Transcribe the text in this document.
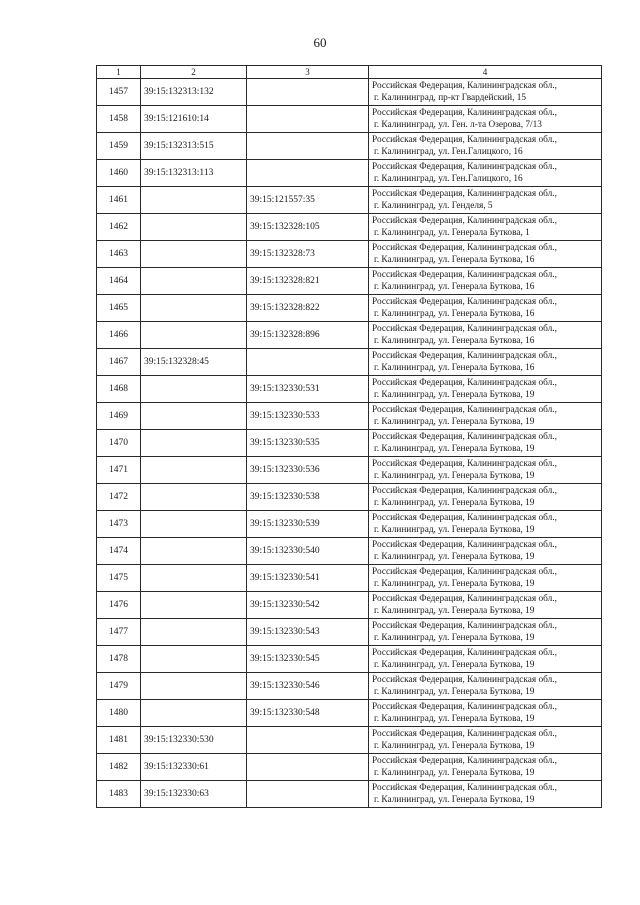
60
1	2	3	4
1457	39:15:132313:132		Российская Федерация, Калининградская обл.,
г. Калининград, пр-кт Гвардейский, 15

1458	39:15:121610:14		Российская Федерация, Калининградская обл.,
г. Калининград, ул. Ген. л-та Озерова, 7/13

1459	39:15:132313:515		Российская Федерация, Калининградская обл.,
г. Калининград, ул. Ген.Галицкого, 16

1460	39:15:132313:113		Российская Федерация, Калининградская обл.,
г. Калининград, ул. Ген.Галицкого, 16

1461		39:15:121557:35	Российская Федерация, Калининградская обл.,
г. Калининград, ул. Генделя, 5

1462		39:15:132328:105	Российская Федерация, Калининградская обл.,
г. Калининград, ул. Генерала Буткова, 1

1463		39:15:132328:73	Российская Федерация, Калининградская обл.,
г. Калининград, ул. Генерала Буткова, 16

1464		39:15:132328:821	Российская Федерация, Калининградская обл.,
г. Калининград, ул. Генерала Буткова, 16

1465		39:15:132328:822	Российская Федерация, Калининградская обл.,
г. Калининград, ул. Генерала Буткова, 16

1466		39:15:132328:896	Российская Федерация, Калининградская обл.,
г. Калининград, ул. Генерала Буткова, 16

1467	39:15:132328:45		Российская Федерация, Калининградская обл.,
г. Калининград, ул. Генерала Буткова, 16

1468		39:15:132330:531	Российская Федерация, Калининградская обл.,
г. Калининград, ул. Генерала Буткова, 19

1469		39:15:132330:533	Российская Федерация, Калининградская обл.,
г. Калининград, ул. Генерала Буткова, 19

1470		39:15:132330:535	Российская Федерация, Калининградская обл.,
г. Калининград, ул. Генерала Буткова, 19

1471		39:15:132330:536	Российская Федерация, Калининградская обл.,
г. Калининград, ул. Генерала Буткова, 19

1472		39:15:132330:538	Российская Федерация, Калининградская обл.,
г. Калининград, ул. Генерала Буткова, 19

1473		39:15:132330:539	Российская Федерация, Калининградская обл.,
г. Калининград, ул. Генерала Буткова, 19

1474		39:15:132330:540	Российская Федерация, Калининградская обл.,
г. Калининград, ул. Генерала Буткова, 19

1475		39:15:132330:541	Российская Федерация, Калининградская обл.,
г. Калининград, ул. Генерала Буткова, 19

1476		39:15:132330:542	Российская Федерация, Калининградская обл.,
г. Калининград, ул. Генерала Буткова, 19

1477		39:15:132330:543	Российская Федерация, Калининградская обл.,
г. Калининград, ул. Генерала Буткова, 19

1478		39:15:132330:545	Российская Федерация, Калининградская обл.,
г. Калининград, ул. Генерала Буткова, 19

1479		39:15:132330:546	Российская Федерация, Калининградская обл.,
г. Калининград, ул. Генерала Буткова, 19

1480		39:15:132330:548	Российская Федерация, Калининградская обл.,
г. Калининград, ул. Генерала Буткова, 19

1481	39:15:132330:530		Российская Федерация, Калининградская обл.,
г. Калининград, ул. Генерала Буткова, 19

1482	39:15:132330:61		Российская Федерация, Калининградская обл.,
г. Калининград, ул. Генерала Буткова, 19

1483	39:15:132330:63		Российская Федерация, Калининградская обл.,
г. Калининград, ул. Генерала Буткова, 19
